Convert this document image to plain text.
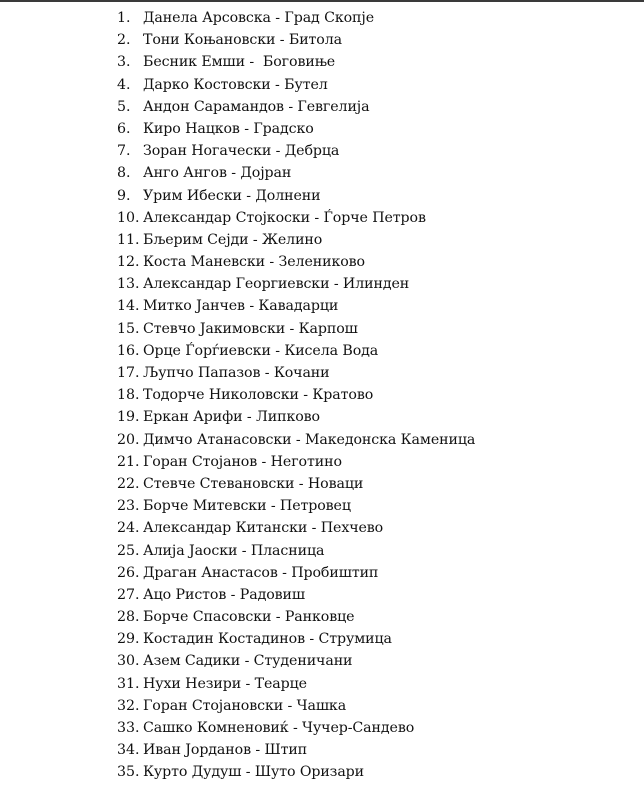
1. Данела Арсовска - Град Скопје
2. Тони Коњановски - Битола
3. Бесник Емши -  Боговиње
4. Дарко Костовски - Бутел
5. Андон Сарамандов - Гевгелија
6. Киро Нацков - Градско
7. Зоран Ногачески - Дебрца
8. Анго Ангов - Дојран
9. Урим Ибески - Долнени
10. Александар Стојкоски - Ѓорче Петров
11. Бљерим Сејди - Желино
12. Коста Маневски - Зелениково
13. Александар Георгиевски - Илинден
14. Митко Јанчев - Кавадарци
15. Стевчо Јакимовски - Карпош
16. Орце Ѓорѓиевски - Кисела Вода
17. Љупчо Папазов - Кочани
18. Тодорче Николовски - Кратово
19. Еркан Арифи - Липково
20. Димчо Атанасовски - Македонска Каменица
21. Горан Стојанов - Неготино
22. Стевче Стевановски - Новаци
23. Борче Митевски - Петровец
24. Александар Китански - Пехчево
25. Алија Јаоски - Пласница
26. Драган Анастасов - Пробиштип
27. Ацо Ристов - Радовиш
28. Борче Спасовски - Ранковце
29. Костадин Костадинов - Струмица
30. Азем Садики - Студеничани
31. Нухи Незири - Теарце
32. Горан Стојановски - Чашка
33. Сашко Комненовиќ - Чучер-Сандево
34. Иван Јорданов - Штип
35. Курто Дудуш - Шуто Оризари
